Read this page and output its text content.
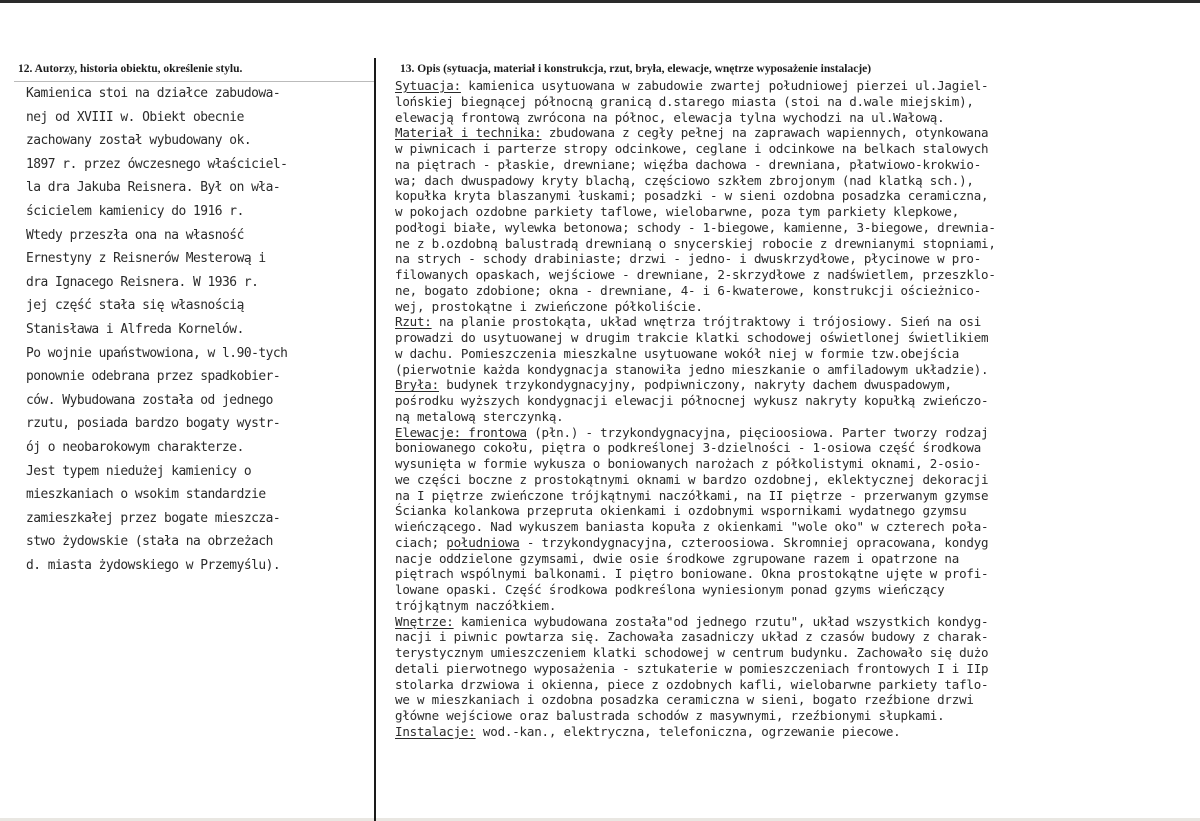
12. Autorzy, historia obiektu, określenie stylu.	13. Opis (sytuacja, materiał i konstrukcja, rzut, bryła, elewacje, wnętrze wyposażenie instalacje)
Kamienica stoi na działce zabudowa-
nej od XVIII w. Obiekt obecnie
zachowany został wybudowany ok.
1897 r. przez ówczesnego właściciel-
la dra Jakuba Reisnera. Był on wła-
ścicielem kamienicy do 1916 r.
Wtedy przeszła ona na własność
Ernestyny z Reisnerów Mesterową i
dra Ignacego Reisnera. W 1936 r.
jej część stała się własnością
Stanisława i Alfreda Kornelów.
Po wojnie upaństwowiona, w l.90-tych
ponownie odebrana przez spadkobier-
ców. Wybudowana została od jednego
rzutu, posiada bardzo bogaty wystr-
ój o neobarokowym charakterze.
Jest typem niedużej kamienicy o
mieszkaniach o wsokim standardzie
zamieszkałej przez bogate mieszcza-
stwo żydowskie (stała na obrzeżach
d. miasta żydowskiego w Przemyślu).
Sytuacja: kamienica usytuowana w zabudowie zwartej południowej pierzei ul.Jagiel-
lońskiej biegnącej północną granicą d.starego miasta (stoi na d.wale miejskim),
elewacją frontową zwrócona na północ, elewacja tylna wychodzi na ul.Wałową.
Materiał i technika: zbudowana z cegły pełnej na zaprawach wapiennych, otynkowana
w piwnicach i parterze stropy odcinkowe, ceglane i odcinkowe na belkach stalowych
na piętrach - płaskie, drewniane; więźba dachowa - drewniana, płatwiowo-krokwio-
wa; dach dwuspadowy kryty blachą, częściowo szkłem zbrojonym (nad klatką sch.),
kopułka kryta blaszanymi łuskami; posadzki - w sieni ozdobna posadzka ceramiczna,
w pokojach ozdobne parkiety taflowe, wielobarwne, poza tym parkiety klepkowe,
podłogi białe, wylewka betonowa; schody - 1-biegowe, kamienne, 3-biegowe, drewnia-
ne z b.ozdobną balustradą drewnianą o snycerskiej robocie z drewnianymi stopniami,
na strych - schody drabiniaste; drzwi - jedno- i dwuskrzydłowe, płycinowe w pro-
filowanych opaskach, wejściowe - drewniane, 2-skrzydłowe z nadświetlem, przeszklo-
ne, bogato zdobione; okna - drewniane, 4- i 6-kwaterowe, konstrukcji ościeżnico-
wej, prostokątne i zwieńczone półkoliście.
Rzut: na planie prostokąta, układ wnętrza trójtraktowy i trójosiowy. Sień na osi
prowadzi do usytuowanej w drugim trakcie klatki schodowej oświetlonej świetlikiem
w dachu. Pomieszczenia mieszkalne usytuowane wokół niej w formie tzw.obejścia
(pierwotnie każda kondygnacja stanowiła jedno mieszkanie o amfiladowym układzie).
Bryła: budynek trzykondygnacyjny, podpiwniczony, nakryty dachem dwuspadowym,
pośrodku wyższych kondygnacji elewacji północnej wykusz nakryty kopułką zwieńczo-
ną metalową sterczynką.
Elewacje: frontowa (płn.) - trzykondygnacyjna, pięcioosiowa. Parter tworzy rodzaj
boniowanego cokołu, piętra o podkreślonej 3-dzielności - 1-osiowa część środkowa
wysunięta w formie wykusza o boniowanych narożach z półkolistymi oknami, 2-osio-
we części boczne z prostokątnymi oknami w bardzo ozdobnej, eklektycznej dekoracji
na I piętrze zwieńczone trójkątnymi naczółkami, na II piętrze - przerwanym gzymse
Ścianka kolankowa przepruta okienkami i ozdobnymi wspornikami wydatnego gzymsu
wieńczącego. Nad wykuszem baniasta kopuła z okienkami "wole oko" w czterech poła-
ciach; południowa - trzykondygnacyjna, czteroosiowa. Skromniej opracowana, kondyg
nacje oddzielone gzymsami, dwie osie środkowe zgrupowane razem i opatrzone na
piętrach wspólnymi balkonami. I piętro boniowane. Okna prostokątne ujęte w profi-
lowane opaski. Część środkowa podkreślona wyniesionym ponad gzyms wieńczący
trójkątnym naczółkiem.
Wnętrze: kamienica wybudowana została"od jednego rzutu", układ wszystkich kondyg-
nacji i piwnic powtarza się. Zachowała zasadniczy układ z czasów budowy z charak-
terystycznym umieszczeniem klatki schodowej w centrum budynku. Zachowało się dużo
detali pierwotnego wyposażenia - sztukaterie w pomieszczeniach frontowych I i IIp
stolarka drzwiowa i okienna, piece z ozdobnych kafli, wielobarwne parkiety taflo-
we w mieszkaniach i ozdobna posadzka ceramiczna w sieni, bogato rzeźbione drzwi
główne wejściowe oraz balustrada schodów z masywnymi, rzeźbionymi słupkami.
Instalacje: wod.-kan., elektryczna, telefoniczna, ogrzewanie piecowe.
